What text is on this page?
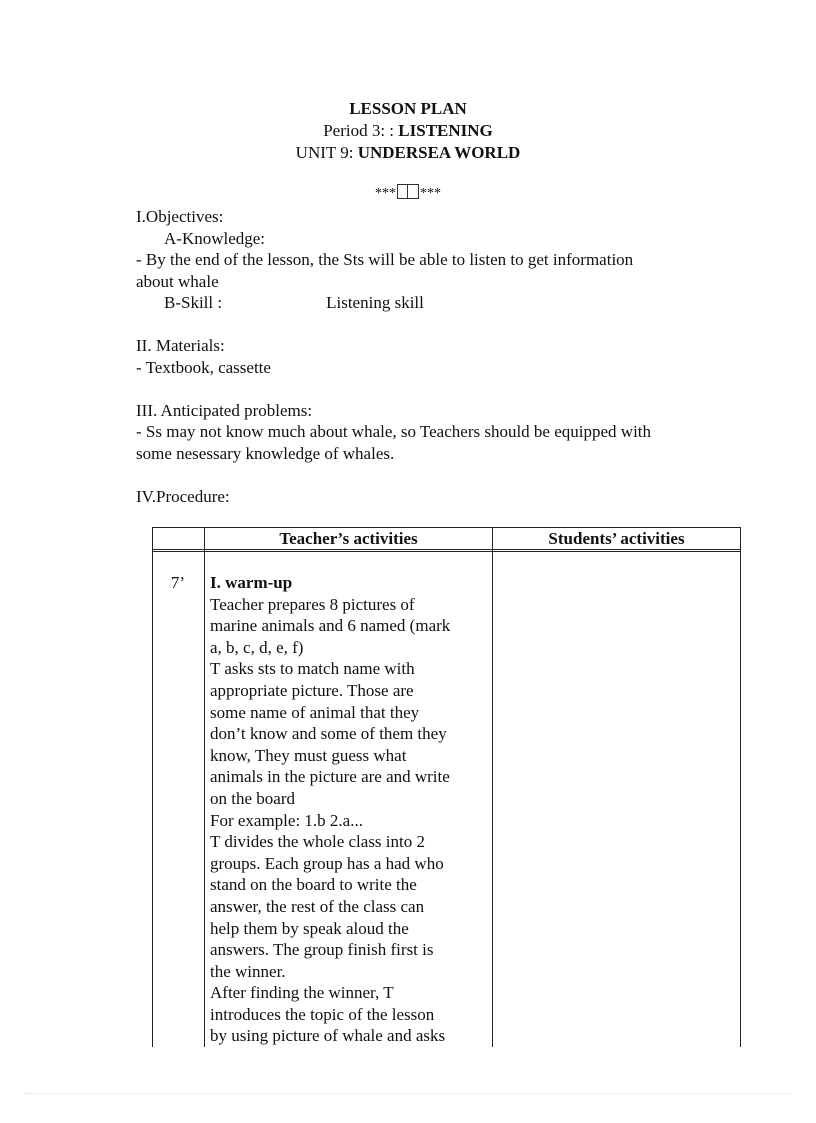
LESSON PLAN
Period 3: : LISTENING
UNIT 9: UNDERSEA WORLD
*** ***

I.Objectives:

A-Knowledge:

- By the end of the lesson, the Sts will be able to listen to get information

about whale

B-Skill :	Listening skill

II. Materials:

- Textbook, cassette

III. Anticipated problems:

- Ss may not know much about whale, so Teachers should be equipped with

some nesessary knowledge of whales.

IV.Procedure:

Teacher’s activities	Students’ activities
7’	I. warm-up

Teacher prepares 8 pictures of

marine animals and 6 named (mark

a, b, c, d, e, f)

T asks sts to match name with

appropriate picture. Those are

some name of animal that they

don’t know and some of them they

know, They must guess what

animals in the picture are and write

on the board

For example: 1.b 2.a...

T divides the whole class into 2

groups. Each group has a had who

stand on the board to write the

answer, the rest of the class can

help them by speak aloud the

answers. The group finish first is

the winner.

After finding the winner, T

introduces the topic of the lesson

by using picture of whale and asks
